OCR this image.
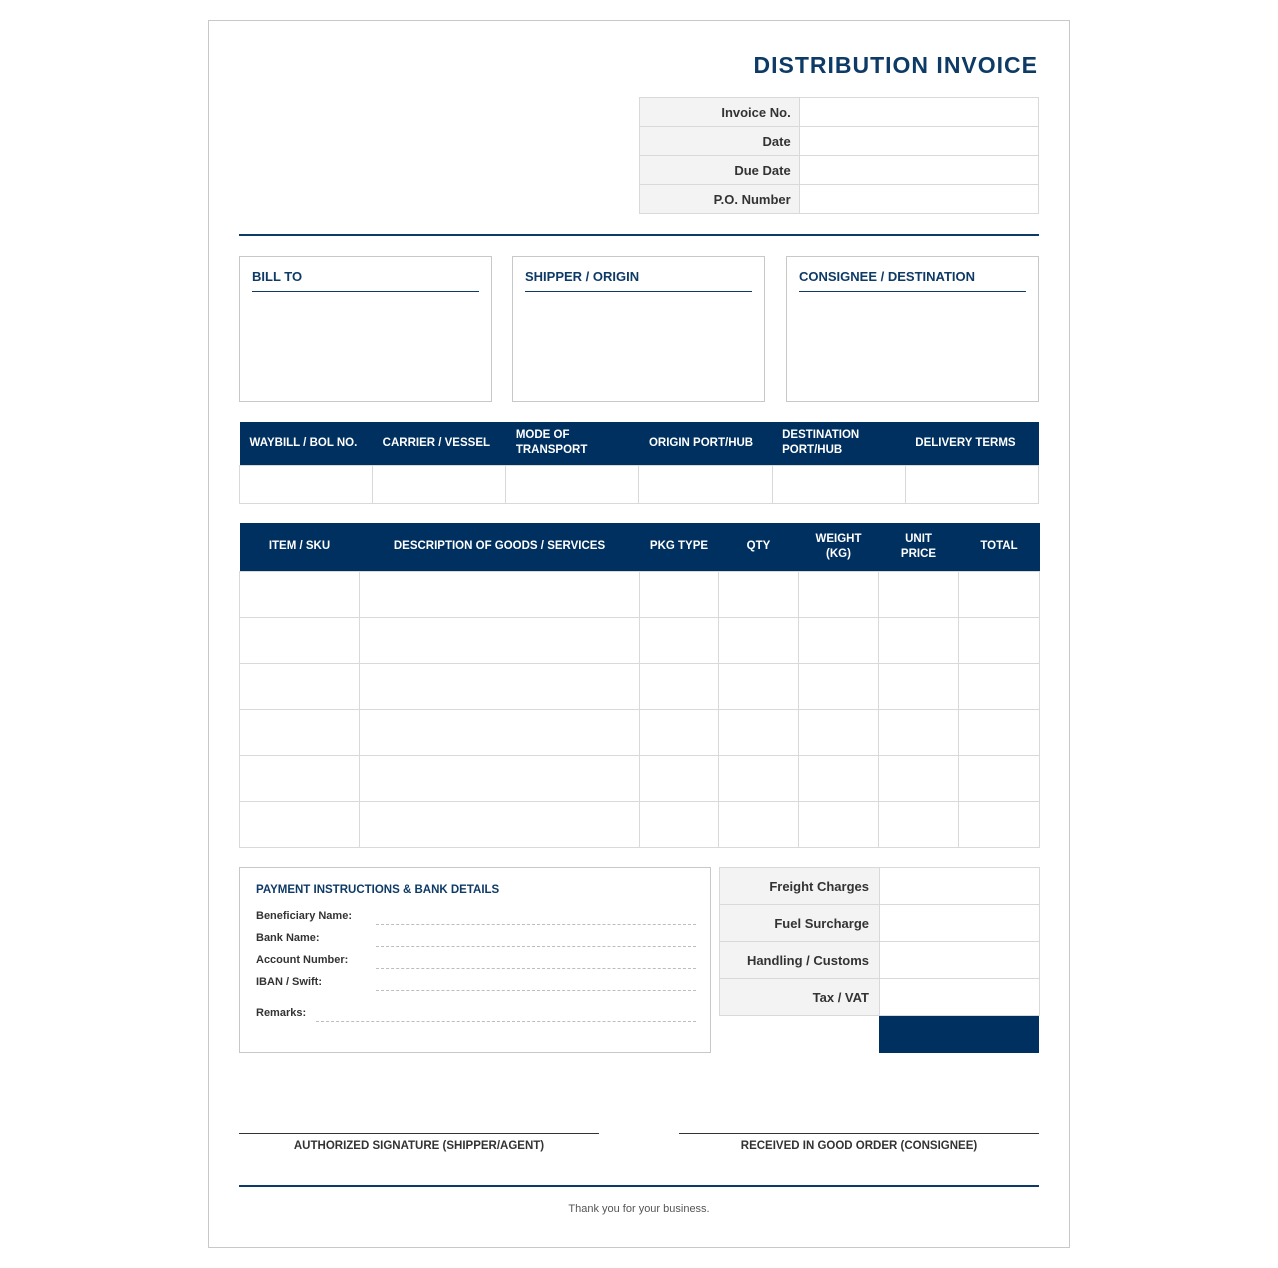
DISTRIBUTION INVOICE
Invoice No.	
Date	
Due Date	
P.O. Number	
BILL TO	SHIPPER / ORIGIN	CONSIGNEE / DESTINATION
WAYBILL / BOL NO.	CARRIER / VESSEL	MODE OF TRANSPORT	ORIGIN PORT/HUB	DESTINATION PORT/HUB	DELIVERY TERMS

ITEM / SKU	DESCRIPTION OF GOODS / SERVICES	PKG TYPE	QTY	WEIGHT (KG)	UNIT PRICE	TOTAL

PAYMENT INSTRUCTIONS & BANK DETAILS
Beneficiary Name:
Bank Name:
Account Number:
IBAN / Swift:
Remarks:
Freight Charges	
Fuel Surcharge	
Handling / Customs	
Tax / VAT	
AUTHORIZED SIGNATURE (SHIPPER/AGENT)	RECEIVED IN GOOD ORDER (CONSIGNEE)
Thank you for your business.
